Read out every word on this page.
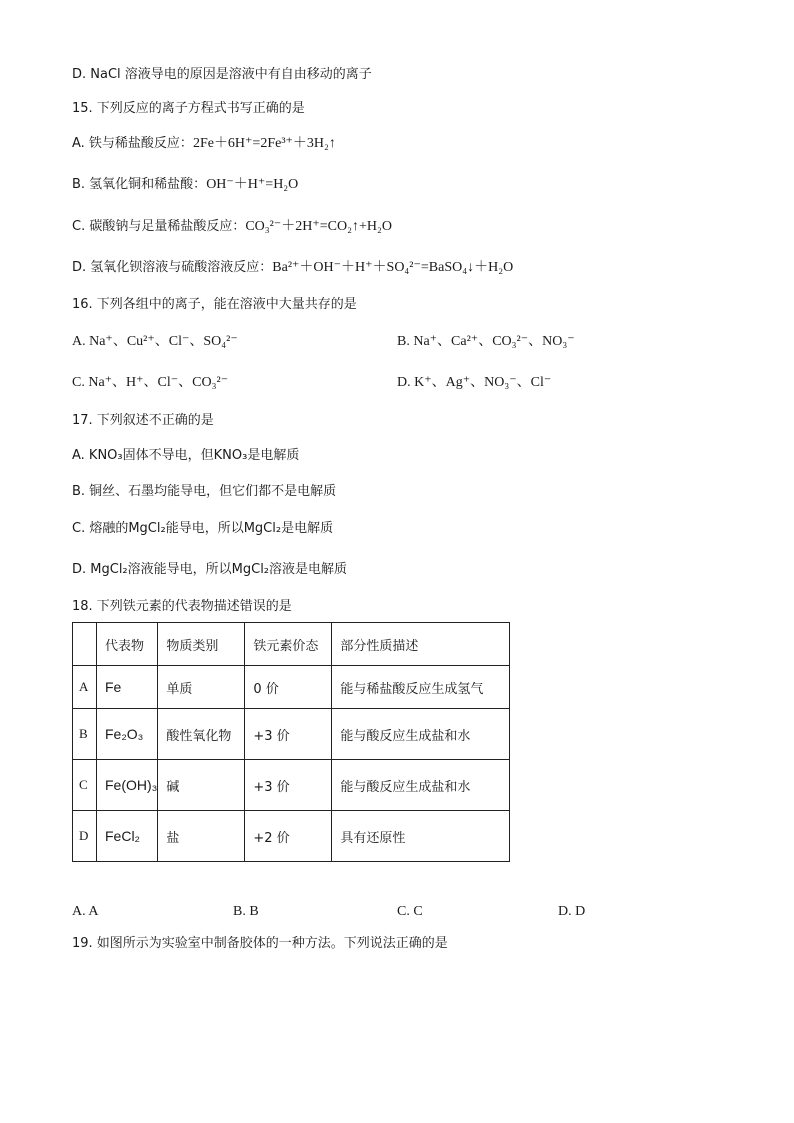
D. NaCl 溶液导电的原因是溶液中有自由移动的离子
15. 下列反应的离子方程式书写正确的是
A. 铁与稀盐酸反应：2Fe＋6H⁺=2Fe³⁺＋3H₂↑
B. 氢氧化铜和稀盐酸：OH⁻＋H⁺=H₂O
C. 碳酸钠与足量稀盐酸反应：CO₃²⁻＋2H⁺=CO₂↑+H₂O
D. 氢氧化钡溶液与硫酸溶液反应：Ba²⁺＋OH⁻＋H⁺＋SO₄²⁻=BaSO₄↓＋H₂O
16. 下列各组中的离子，能在溶液中大量共存的是
A. Na⁺、Cu²⁺、Cl⁻、SO₄²⁻	B. Na⁺、Ca²⁺、CO₃²⁻、NO₃⁻
C. Na⁺、H⁺、Cl⁻、CO₃²⁻	D. K⁺、Ag⁺、NO₃⁻、Cl⁻
17. 下列叙述不正确的是
A. KNO₃固体不导电，但KNO₃是电解质
B. 铜丝、石墨均能导电，但它们都不是电解质
C. 熔融的MgCl₂能导电，所以MgCl₂是电解质
D. MgCl₂溶液能导电，所以MgCl₂溶液是电解质
18. 下列铁元素的代表物描述错误的是
	代表物	物质类别	铁元素价态	部分性质描述
A	Fe	单质	0 价	能与稀盐酸反应生成氢气
B	Fe₂O₃	酸性氧化物	+3 价	能与酸反应生成盐和水
C	Fe(OH)₃	碱	+3 价	能与酸反应生成盐和水
D	FeCl₂	盐	+2 价	具有还原性
A. A	B. B	C. C	D. D
19. 如图所示为实验室中制备胶体的一种方法。下列说法正确的是
